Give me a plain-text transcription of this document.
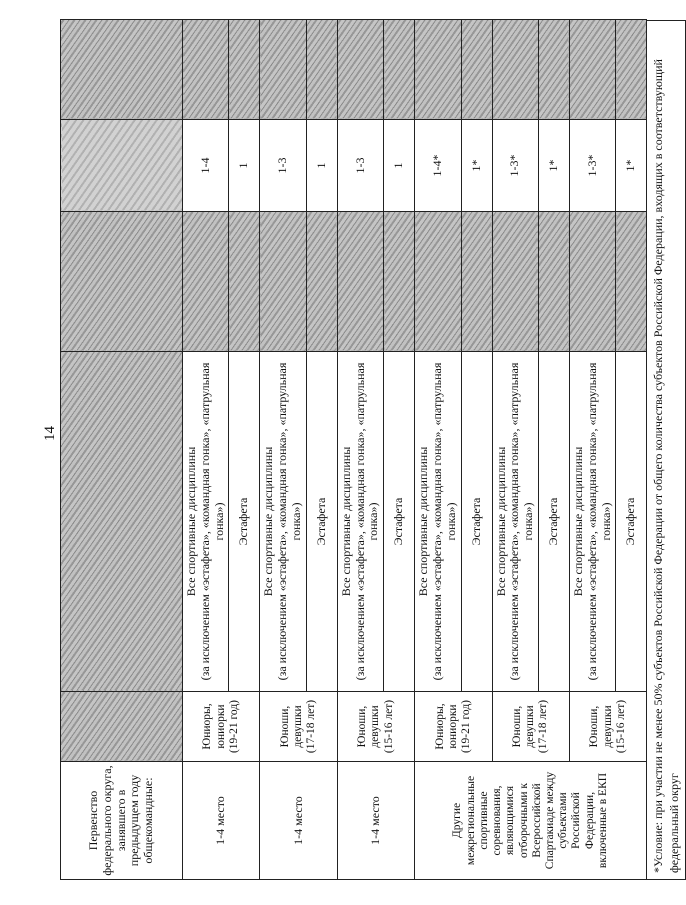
14
Первенство федерального округа, занявшего в предыдущем году общекомандные:					
1-4 место	Юниоры, юниорки (19-21 год)	Все спортивные дисциплины (за исключением «эстафета», «командная гонка», «патрульная гонка»)		1-4	
		Эстафета		1	
1-4 место	Юноши, девушки (17-18 лет)	Все спортивные дисциплины (за исключением «эстафета», «командная гонка», «патрульная гонка»)		1-3	
		Эстафета		1	
1-4 место	Юноши, девушки (15-16 лет)	Все спортивные дисциплины (за исключением «эстафета», «командная гонка», «патрульная гонка»)		1-3	
		Эстафета		1	
Другие межрегиональные спортивные соревнования, являющимися отборочными к Всероссийской Спартакиаде между субъектами Российской Федерации, включенные в ЕКП	Юниоры, юниорки (19-21 год)	Все спортивные дисциплины (за исключением «эстафета», «командная гонка», «патрульная гонка»)		1-4*	
		Эстафета		1*	
	Юноши, девушки (17-18 лет)	Все спортивные дисциплины (за исключением «эстафета», «командная гонка», «патрульная гонка»)		1-3*	
		Эстафета		1*	
	Юноши, девушки (15-16 лет)	Все спортивные дисциплины (за исключением «эстафета», «командная гонка», «патрульная гонка»)		1-3*	
		Эстафета		1*		*Условие: при участии не менее 50% субъектов Российской Федерации от общего количества субъектов Российской Федерации, входящих в соответствующий федеральный округ
